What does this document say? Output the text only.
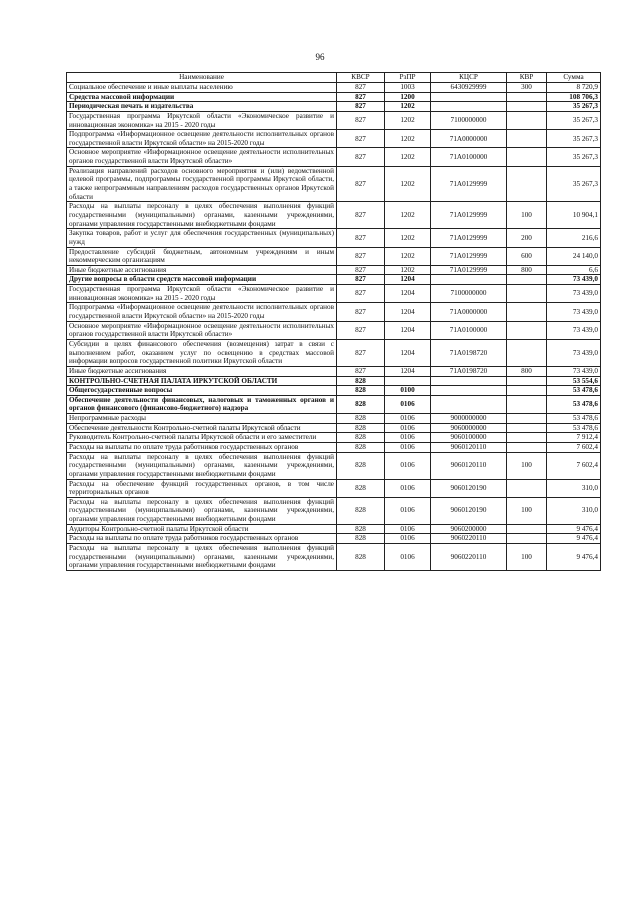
96
Наименование	КВСР	РзПР	КЦСР	КВР	Сумма
Социальное обеспечение и иные выплаты населению	827	1003	6430929999	300	8 720,9
Средства массовой информации	827	1200			108 706,3
Периодическая печать и издательства	827	1202			35 267,3
Государственная программа Иркутской области «Экономическое развитие и инновационная экономика» на 2015 - 2020 годы	827	1202	7100000000		35 267,3
Подпрограмма «Информационное освещение деятельности исполнительных органов государственной власти Иркутской области» на 2015-2020 годы	827	1202	71А0000000		35 267,3
Основное мероприятие «Информационное освещение деятельности исполнительных органов государственной власти Иркутской области»	827	1202	71А0100000		35 267,3
Реализация направлений расходов основного мероприятия и (или) ведомственной целевой программы, подпрограммы государственной программы Иркутской области, а также непрограммным направлениям расходов государственных органов Иркутской области	827	1202	71А0129999		35 267,3
Расходы на выплаты персоналу в целях обеспечения выполнения функций государственными (муниципальными) органами, казенными учреждениями, органами управления государственными внебюджетными фондами	827	1202	71А0129999	100	10 904,1
Закупка товаров, работ и услуг для обеспечения государственных (муниципальных) нужд	827	1202	71А0129999	200	216,6
Предоставление субсидий бюджетным, автономным учреждениям и иным некоммерческим организациям	827	1202	71А0129999	600	24 140,0
Иные бюджетные ассигнования	827	1202	71А0129999	800	6,6
Другие вопросы в области средств массовой информации	827	1204			73 439,0
Государственная программа Иркутской области «Экономическое развитие и инновационная экономика» на 2015 - 2020 годы	827	1204	7100000000		73 439,0
Подпрограмма «Информационное освещение деятельности исполнительных органов государственной власти Иркутской области» на 2015-2020 годы	827	1204	71А0000000		73 439,0
Основное мероприятие «Информационное освещение деятельности исполнительных органов государственной власти Иркутской области»	827	1204	71А0100000		73 439,0
Субсидии в целях финансового обеспечения (возмещения) затрат в связи с выполнением работ, оказанием услуг по освещению в средствах массовой информации вопросов государственной политики Иркутской области	827	1204	71А0198720		73 439,0
Иные бюджетные ассигнования	827	1204	71А0198720	800	73 439,0
КОНТРОЛЬНО-СЧЕТНАЯ ПАЛАТА ИРКУТСКОЙ ОБЛАСТИ	828				53 554,6
Общегосударственные вопросы	828	0100			53 478,6
Обеспечение деятельности финансовых, налоговых и таможенных органов и органов финансового (финансово-бюджетного) надзора	828	0106			53 478,6
Непрограммные расходы	828	0106	9000000000		53 478,6
Обеспечение деятельности Контрольно-счетной палаты Иркутской области	828	0106	9060000000		53 478,6
Руководитель Контрольно-счетной палаты Иркутской области и его заместители	828	0106	9060100000		7 912,4
Расходы на выплаты по оплате труда работников государственных органов	828	0106	9060120110		7 602,4
Расходы на выплаты персоналу в целях обеспечения выполнения функций государственными (муниципальными) органами, казенными учреждениями, органами управления государственными внебюджетными фондами	828	0106	9060120110	100	7 602,4
Расходы на обеспечение функций государственных органов, в том числе территориальных органов	828	0106	9060120190		310,0
Расходы на выплаты персоналу в целях обеспечения выполнения функций государственными (муниципальными) органами, казенными учреждениями, органами управления государственными внебюджетными фондами	828	0106	9060120190	100	310,0
Аудиторы Контрольно-счетной палаты Иркутской области	828	0106	9060200000		9 476,4
Расходы на выплаты по оплате труда работников государственных органов	828	0106	9060220110		9 476,4
Расходы на выплаты персоналу в целях обеспечения выполнения функций государственными (муниципальными) органами, казенными учреждениями, органами управления государственными внебюджетными фондами	828	0106	9060220110	100	9 476,4
